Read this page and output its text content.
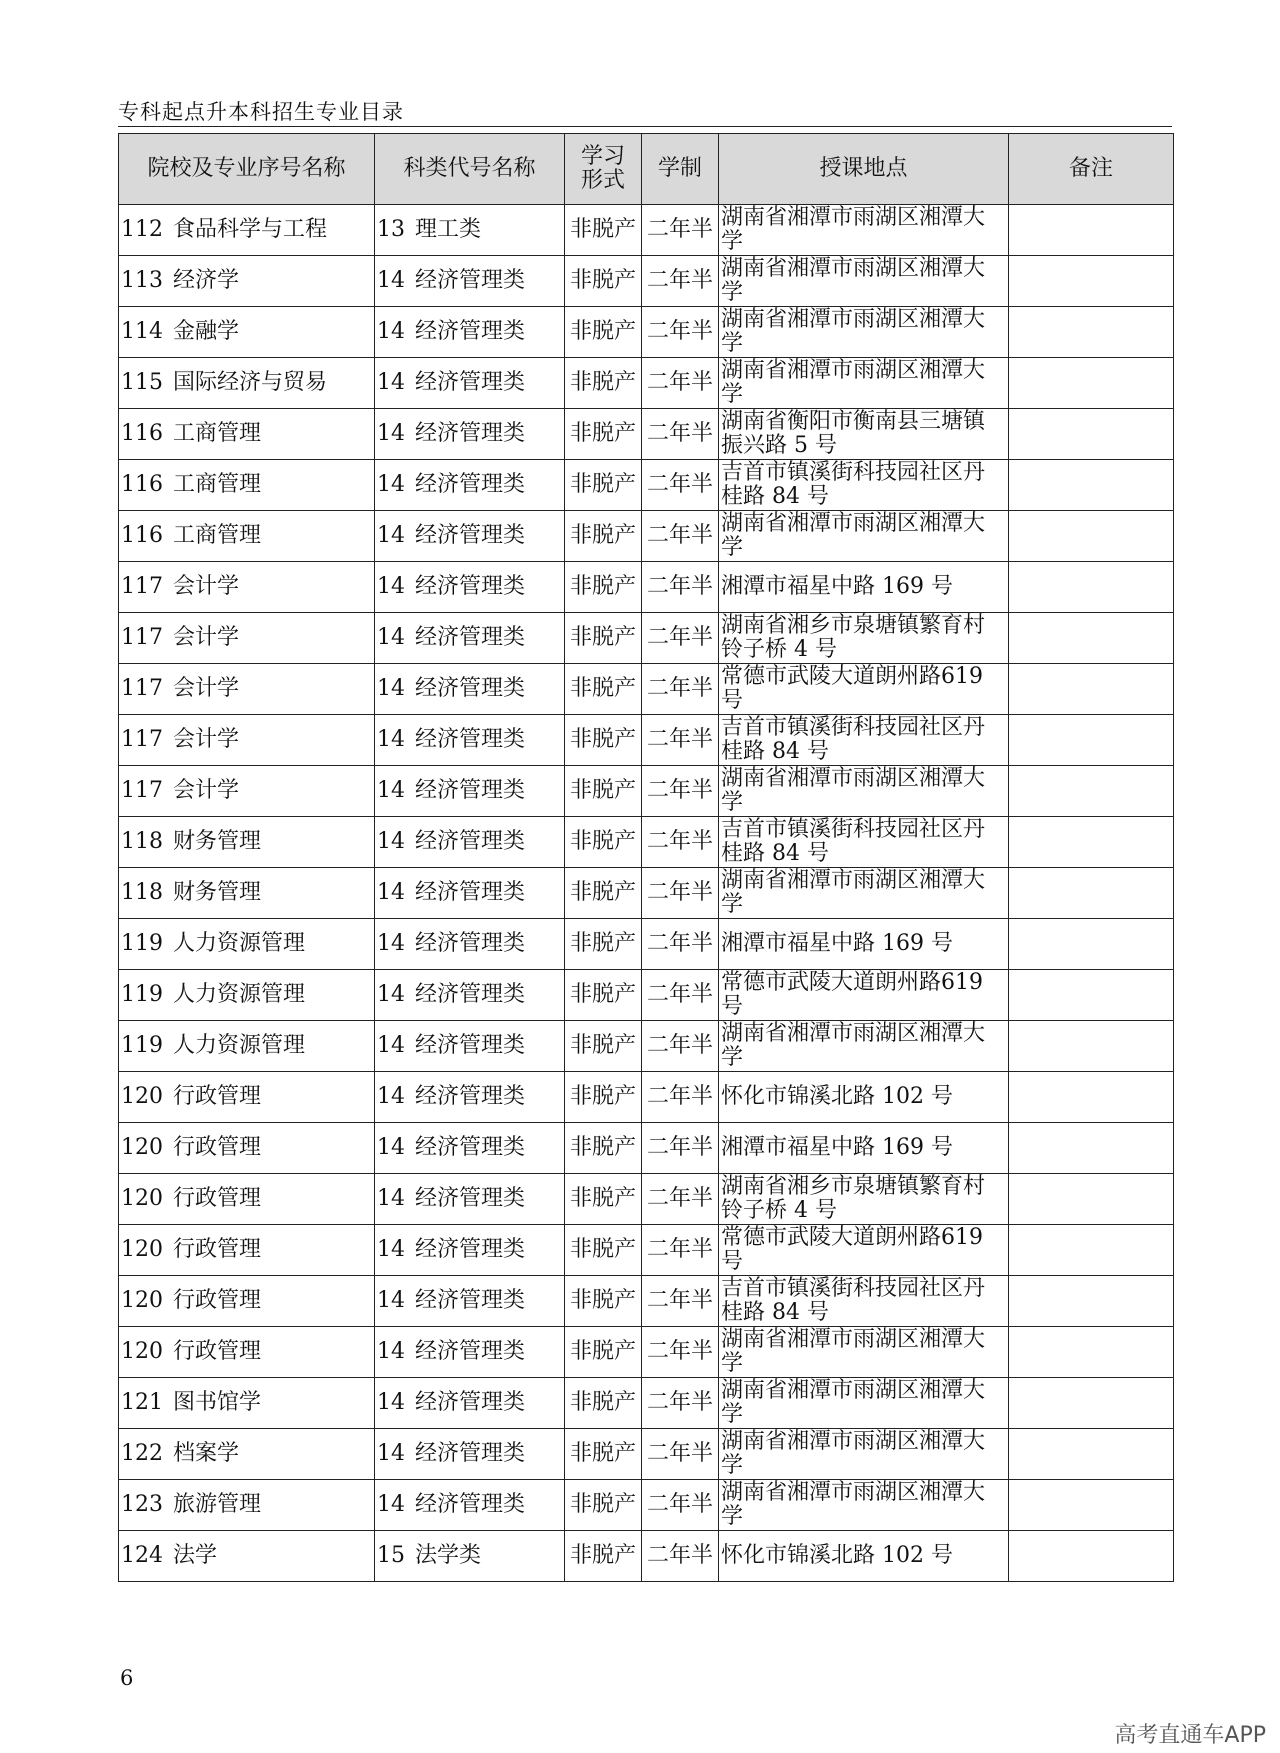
专科起点升本科招生专业目录
院校及专业序号名称	科类代号名称	学习
形式	学制	授课地点	备注
112 食品科学与工程	13 理工类	非脱产	二年半	湖南省湘潭市雨湖区湘潭大学	
113 经济学	14 经济管理类	非脱产	二年半	湖南省湘潭市雨湖区湘潭大学	
114 金融学	14 经济管理类	非脱产	二年半	湖南省湘潭市雨湖区湘潭大学	
115 国际经济与贸易	14 经济管理类	非脱产	二年半	湖南省湘潭市雨湖区湘潭大学	
116 工商管理	14 经济管理类	非脱产	二年半	湖南省衡阳市衡南县三塘镇振兴路 5 号	
116 工商管理	14 经济管理类	非脱产	二年半	吉首市镇溪街科技园社区丹桂路 84 号	
116 工商管理	14 经济管理类	非脱产	二年半	湖南省湘潭市雨湖区湘潭大学	
117 会计学	14 经济管理类	非脱产	二年半	湘潭市福星中路 169 号	
117 会计学	14 经济管理类	非脱产	二年半	湖南省湘乡市泉塘镇繁育村铃子桥 4 号	
117 会计学	14 经济管理类	非脱产	二年半	常德市武陵大道朗州路619 号	
117 会计学	14 经济管理类	非脱产	二年半	吉首市镇溪街科技园社区丹桂路 84 号	
117 会计学	14 经济管理类	非脱产	二年半	湖南省湘潭市雨湖区湘潭大学	
118 财务管理	14 经济管理类	非脱产	二年半	吉首市镇溪街科技园社区丹桂路 84 号	
118 财务管理	14 经济管理类	非脱产	二年半	湖南省湘潭市雨湖区湘潭大学	
119 人力资源管理	14 经济管理类	非脱产	二年半	湘潭市福星中路 169 号	
119 人力资源管理	14 经济管理类	非脱产	二年半	常德市武陵大道朗州路619 号	
119 人力资源管理	14 经济管理类	非脱产	二年半	湖南省湘潭市雨湖区湘潭大学	
120 行政管理	14 经济管理类	非脱产	二年半	怀化市锦溪北路 102 号	
120 行政管理	14 经济管理类	非脱产	二年半	湘潭市福星中路 169 号	
120 行政管理	14 经济管理类	非脱产	二年半	湖南省湘乡市泉塘镇繁育村铃子桥 4 号	
120 行政管理	14 经济管理类	非脱产	二年半	常德市武陵大道朗州路619 号	
120 行政管理	14 经济管理类	非脱产	二年半	吉首市镇溪街科技园社区丹桂路 84 号	
120 行政管理	14 经济管理类	非脱产	二年半	湖南省湘潭市雨湖区湘潭大学	
121 图书馆学	14 经济管理类	非脱产	二年半	湖南省湘潭市雨湖区湘潭大学	
122 档案学	14 经济管理类	非脱产	二年半	湖南省湘潭市雨湖区湘潭大学	
123 旅游管理	14 经济管理类	非脱产	二年半	湖南省湘潭市雨湖区湘潭大学	
124 法学	15 法学类	非脱产	二年半	怀化市锦溪北路 102 号	
6
高考直通车APP
